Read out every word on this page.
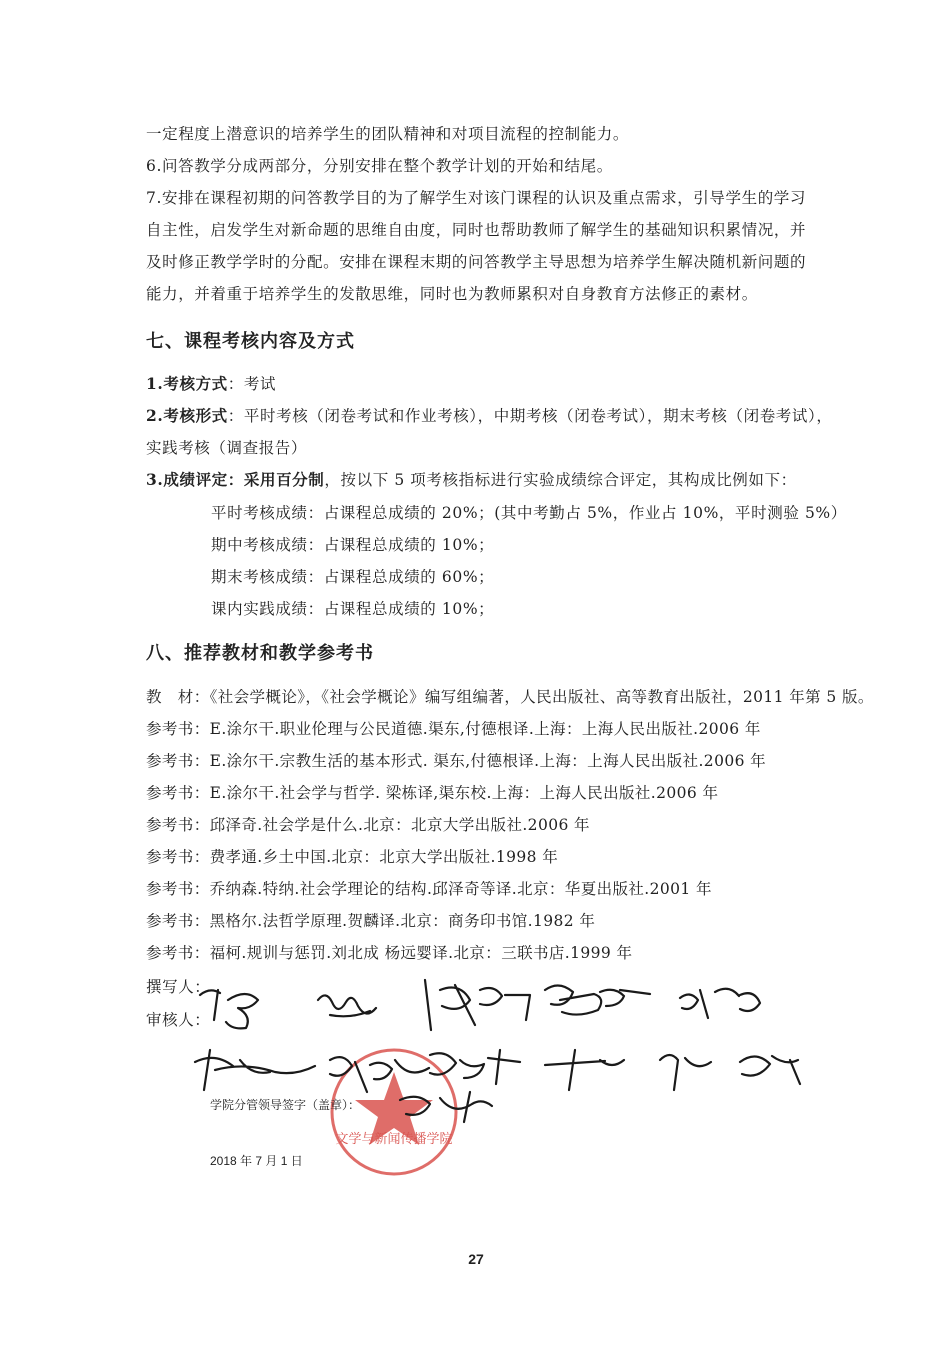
一定程度上潜意识的培养学生的团队精神和对项目流程的控制能力。
6.问答教学分成两部分，分别安排在整个教学计划的开始和结尾。
7.安排在课程初期的问答教学目的为了解学生对该门课程的认识及重点需求，引导学生的学习
自主性，启发学生对新命题的思维自由度，同时也帮助教师了解学生的基础知识积累情况，并
及时修正教学学时的分配。安排在课程末期的问答教学主导思想为培养学生解决随机新问题的
能力，并着重于培养学生的发散思维，同时也为教师累积对自身教育方法修正的素材。
七、课程考核内容及方式
1.考核方式：考试
2.考核形式：平时考核（闭卷考试和作业考核），中期考核（闭卷考试），期末考核（闭卷考试），
实践考核（调查报告）
3.成绩评定：采用百分制，按以下 5 项考核指标进行实验成绩综合评定，其构成比例如下：
平时考核成绩：占课程总成绩的 20%；(其中考勤占 5%，作业占 10%，平时测验 5%）
期中考核成绩：占课程总成绩的 10%；
期末考核成绩：占课程总成绩的 60%；
课内实践成绩：占课程总成绩的 10%；
八、推荐教材和教学参考书
教　材：《社会学概论》，《社会学概论》编写组编著，人民出版社、高等教育出版社，2011 年第 5 版。
参考书：E.涂尔干.职业伦理与公民道德.渠东,付德根译.上海：上海人民出版社.2006 年
参考书：E.涂尔干.宗教生活的基本形式. 渠东,付德根译.上海：上海人民出版社.2006 年
参考书：E.涂尔干.社会学与哲学. 梁栋译,渠东校.上海：上海人民出版社.2006 年
参考书：邱泽奇.社会学是什么.北京：北京大学出版社.2006 年
参考书：费孝通.乡土中国.北京：北京大学出版社.1998 年
参考书：乔纳森.特纳.社会学理论的结构.邱泽奇等译.北京：华夏出版社.2001 年
参考书：黑格尔.法哲学原理.贺麟译.北京：商务印书馆.1982 年
参考书：福柯.规训与惩罚.刘北成 杨远婴译.北京：三联书店.1999 年
撰写人：
审核人：
文学与新闻传播学院
学院分管领导签字（盖章）：
2018 年 7 月 1 日
27
